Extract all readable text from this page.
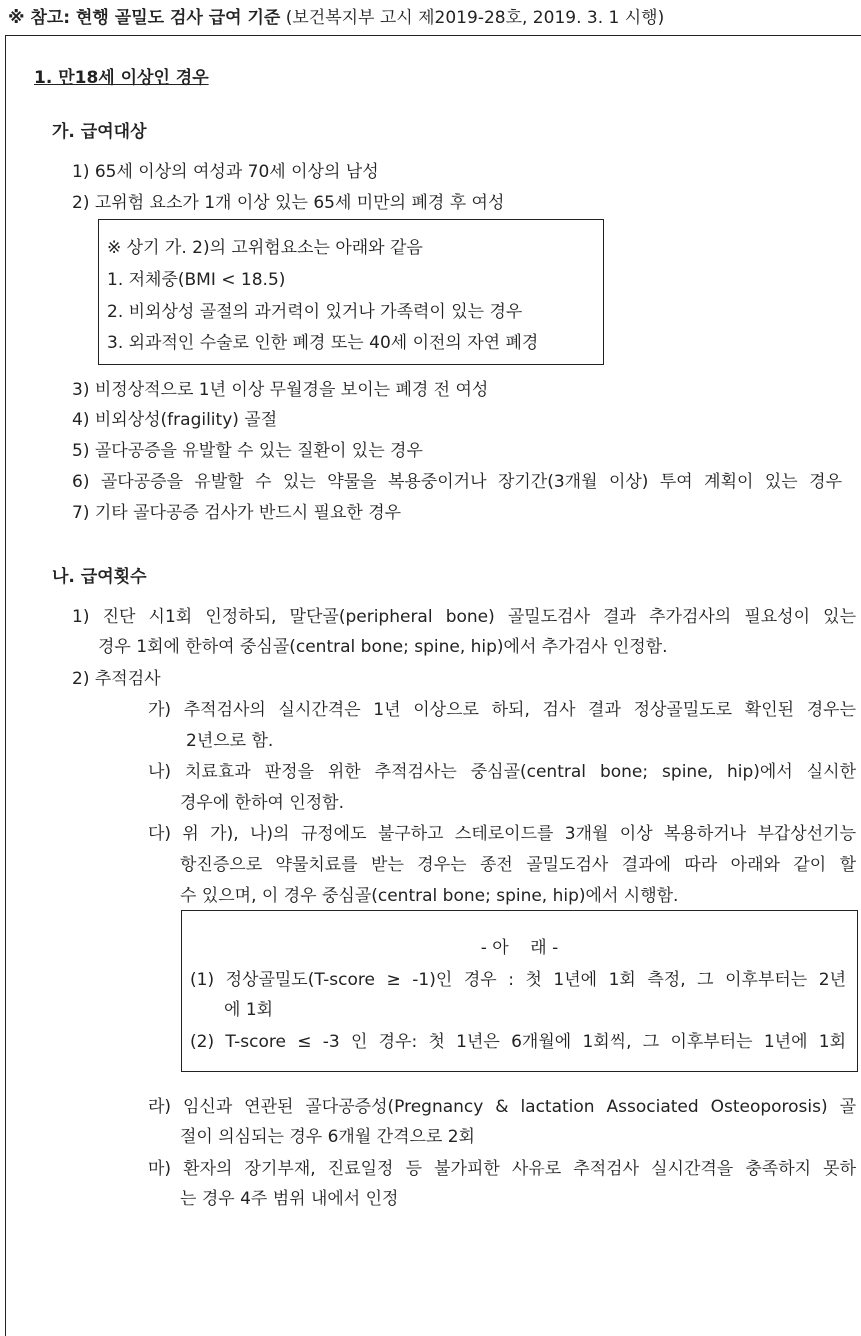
※ 참고: 현행 골밀도 검사 급여 기준 (보건복지부 고시 제2019-28호, 2019. 3. 1 시행)
1. 만18세 이상인 경우
가. 급여대상
1) 65세 이상의 여성과 70세 이상의 남성
2) 고위험 요소가 1개 이상 있는 65세 미만의 폐경 후 여성
※ 상기 가. 2)의 고위험요소는 아래와 같음
1. 저체중(BMI < 18.5)
2. 비외상성 골절의 과거력이 있거나 가족력이 있는 경우
3. 외과적인 수술로 인한 폐경 또는 40세 이전의 자연 폐경
3) 비정상적으로 1년 이상 무월경을 보이는 폐경 전 여성
4) 비외상성(fragility) 골절
5) 골다공증을 유발할 수 있는 질환이 있는 경우
6) 골다공증을 유발할 수 있는 약물을 복용중이거나 장기간(3개월 이상) 투여 계획이 있는 경우
7) 기타 골다공증 검사가 반드시 필요한 경우
나. 급여횟수
1) 진단 시1회 인정하되, 말단골(peripheral bone) 골밀도검사 결과 추가검사의 필요성이 있는
경우 1회에 한하여 중심골(central bone; spine, hip)에서 추가검사 인정함.
2) 추적검사
가) 추적검사의 실시간격은 1년 이상으로 하되, 검사 결과 정상골밀도로 확인된 경우는
2년으로 함.
나) 치료효과 판정을 위한 추적검사는 중심골(central bone; spine, hip)에서 실시한
경우에 한하여 인정함.
다) 위 가), 나)의 규정에도 불구하고 스테로이드를 3개월 이상 복용하거나 부갑상선기능
항진증으로 약물치료를 받는 경우는 종전 골밀도검사 결과에 따라 아래와 같이 할
수 있으며, 이 경우 중심골(central bone; spine, hip)에서 시행함.
- 아    래 -
(1) 정상골밀도(T-score ≥ -1)인 경우 : 첫 1년에 1회 측정, 그 이후부터는 2년
에 1회
(2) T-score ≤ -3 인 경우: 첫 1년은 6개월에 1회씩, 그 이후부터는 1년에 1회
라) 임신과 연관된 골다공증성(Pregnancy & lactation Associated Osteoporosis) 골
절이 의심되는 경우 6개월 간격으로 2회
마) 환자의 장기부재, 진료일정 등 불가피한 사유로 추적검사 실시간격을 충족하지 못하
는 경우 4주 범위 내에서 인정
